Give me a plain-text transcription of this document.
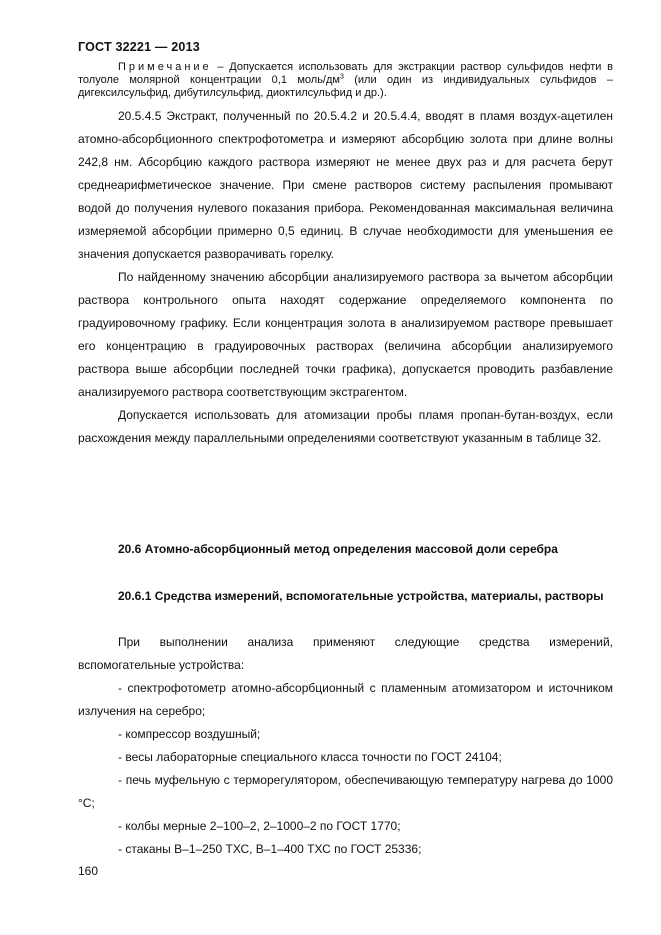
ГОСТ 32221 — 2013
Примечание – Допускается использовать для экстракции раствор сульфидов нефти в толуоле молярной концентрации 0,1 моль/$дм^3$ (или один из индивидуальных сульфидов – дигексилсульфид, дибутилсульфид, диоктилсульфид и др.).

20.5.4.5 Экстракт, полученный по 20.5.4.2 и 20.5.4.4, вводят в пламя воздух-ацетилен атомно-абсорбционного спектрофотометра и измеряют абсорбцию золота при длине волны 242,8 нм. Абсорбцию каждого раствора измеряют не менее двух раз и для расчета берут среднеарифметическое значение. При смене растворов систему распыления промывают водой до получения нулевого показания прибора. Рекомендованная максимальная величина измеряемой абсорбции примерно 0,5 единиц. В случае необходимости для уменьшения ее значения допускается разворачивать горелку.

По найденному значению абсорбции анализируемого раствора за вычетом абсорбции раствора контрольного опыта находят содержание определяемого компонента по градуировочному графику. Если концентрация золота в анализируемом растворе превышает его концентрацию в градуировочных растворах (величина абсорбции анализируемого раствора выше абсорбции последней точки графика), допускается проводить разбавление анализируемого раствора соответствующим экстрагентом.

Допускается использовать для атомизации пробы пламя пропан-бутан-воздух, если расхождения между параллельными определениями соответствуют указанным в таблице 32.

20.6 Атомно-абсорбционный метод определения массовой доли серебра
20.6.1 Средства измерений, вспомогательные устройства, материалы, растворы

При выполнении анализа применяют следующие средства измерений, вспомогательные устройства:

- спектрофотометр атомно-абсорбционный с пламенным атомизатором и источником излучения на серебро;

- компрессор воздушный;

- весы лабораторные специального класса точности по ГОСТ 24104;

- печь муфельную с терморегулятором, обеспечивающую температуру нагрева до 1000 °С;

- колбы мерные 2–100–2, 2–1000–2 по ГОСТ 1770;

- стаканы В–1–250 ТХС, В–1–400 ТХС по ГОСТ 25336;

160
